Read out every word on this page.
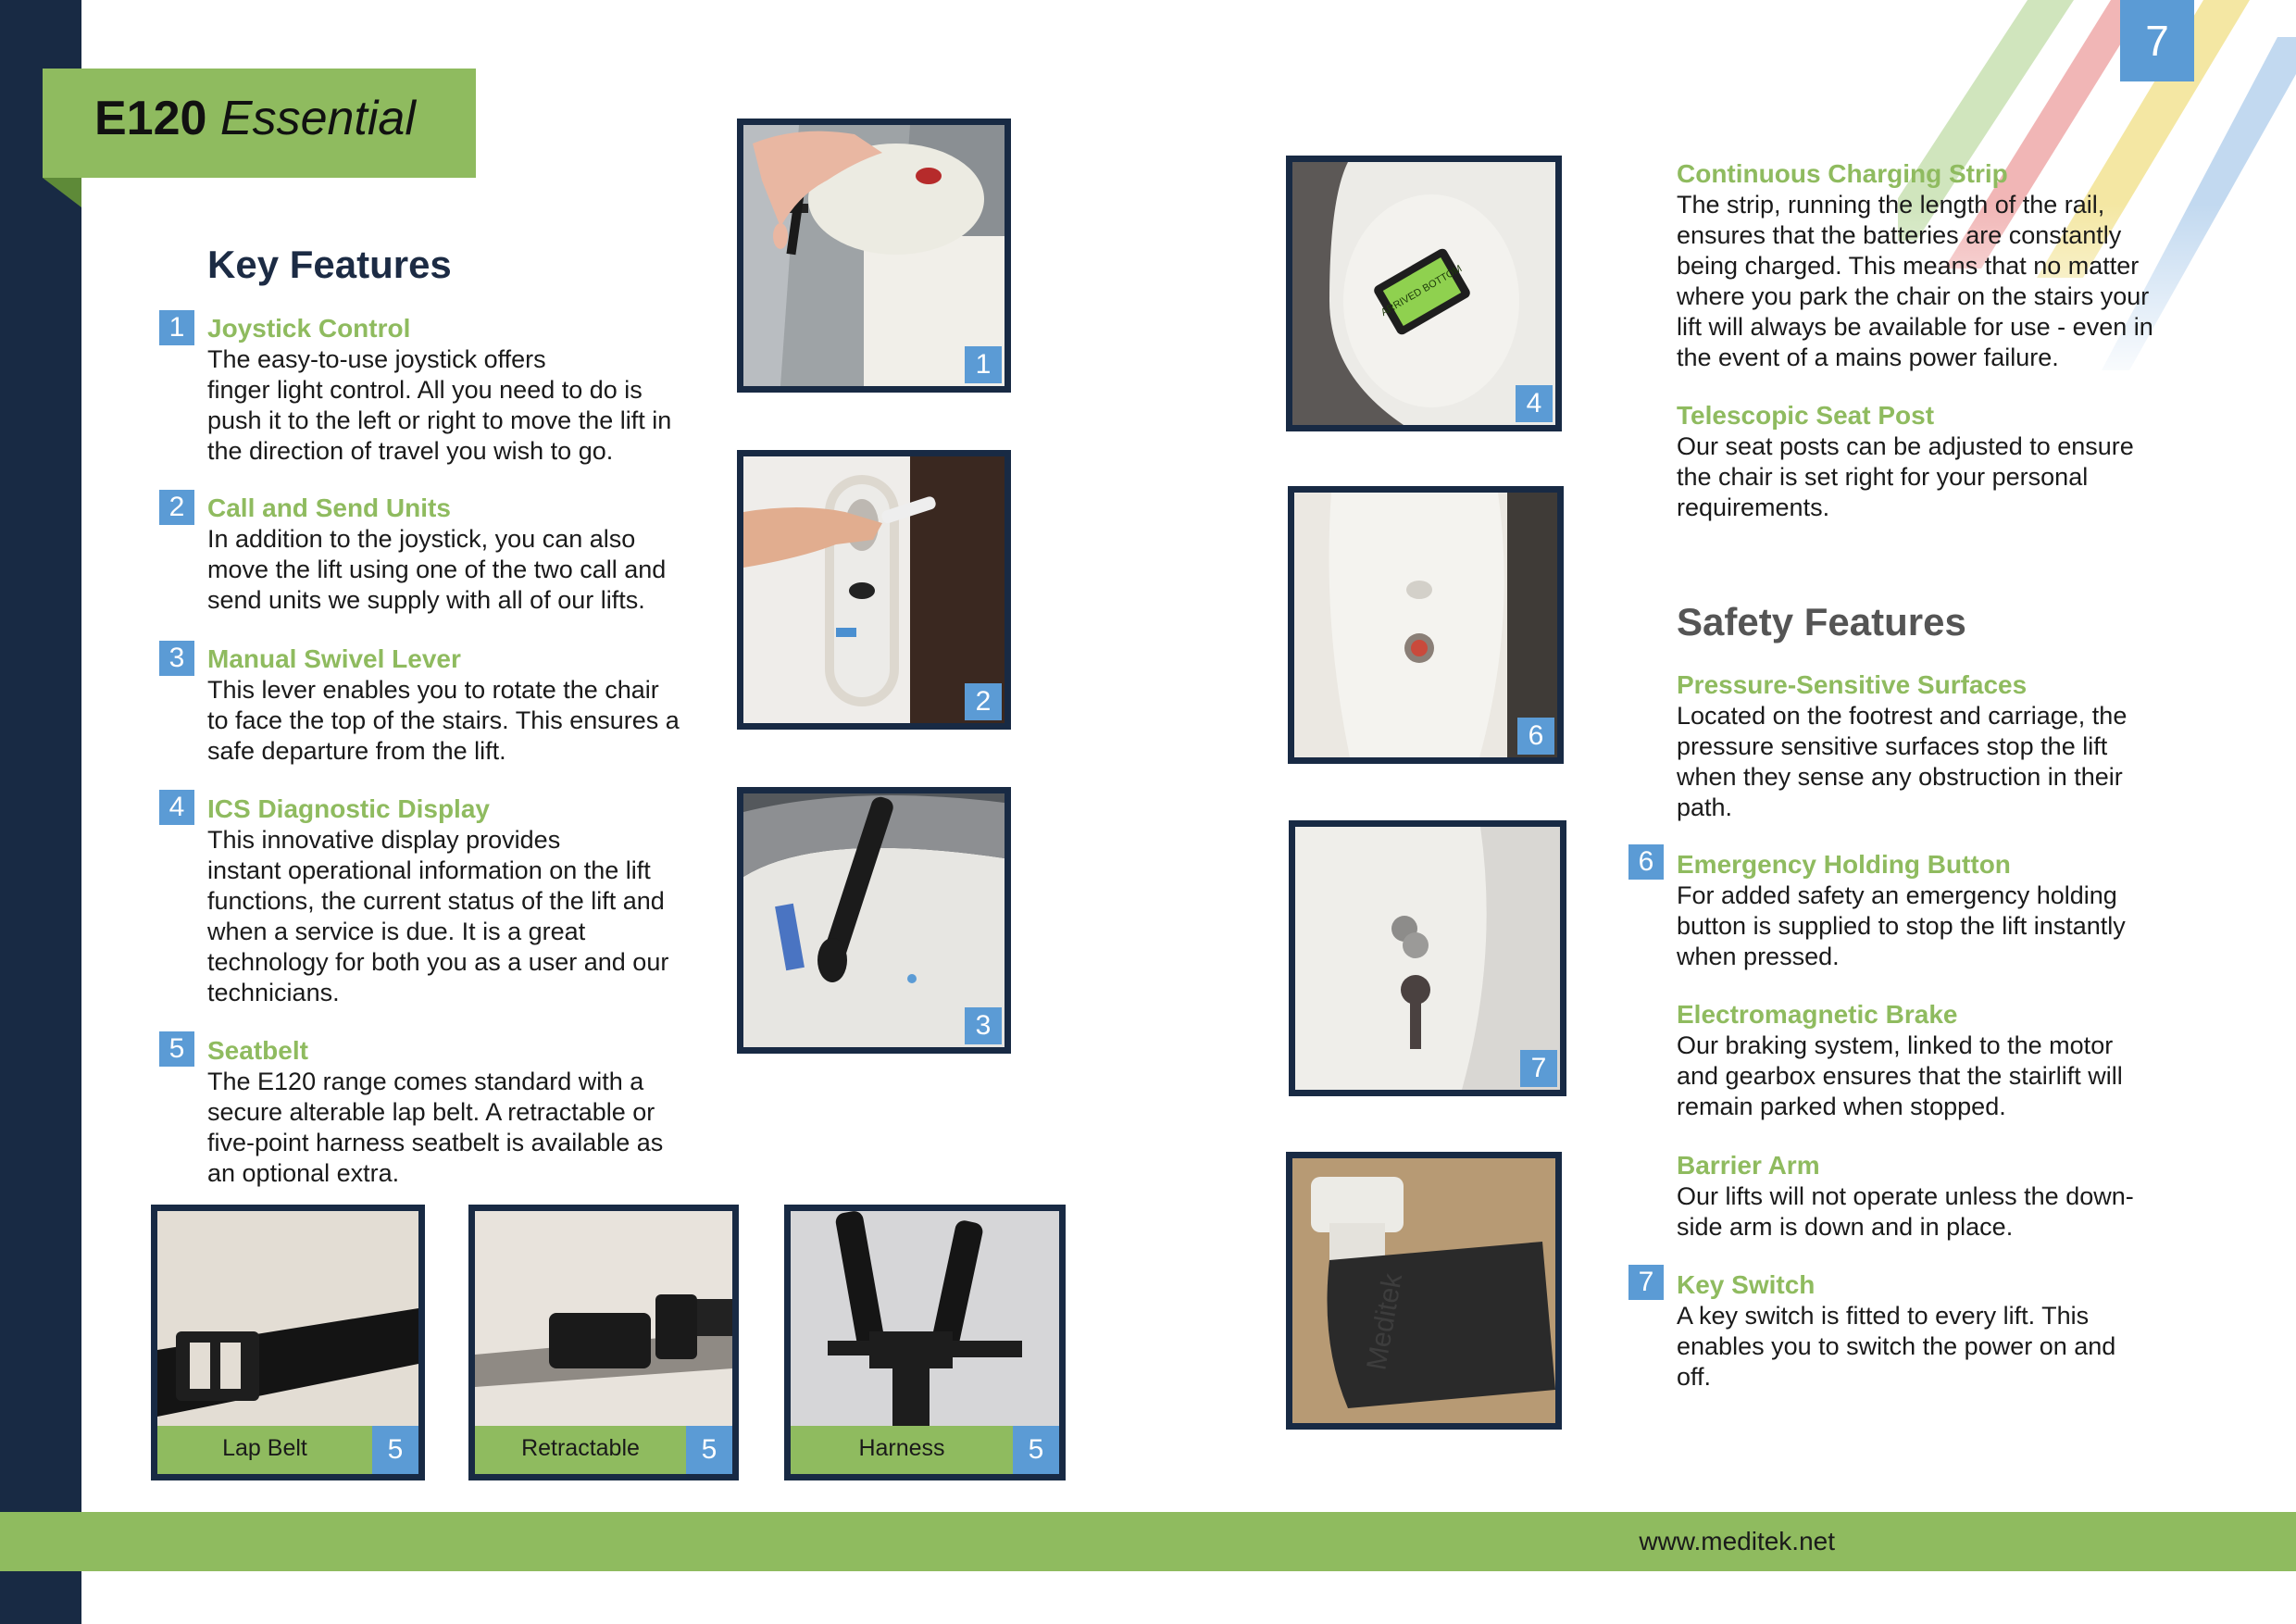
www.meditek.net
7
E120 Essential
Key Features
1 Joystick Control
The easy-to-use joystick offers
finger light control. All you need to do is
push it to the left or right to move the lift in
the direction of travel you wish to go.
2 Call and Send Units
In addition to the joystick, you can also
move the lift using one of the two call and
send units we supply with all of our lifts.
3 Manual Swivel Lever
This lever enables you to rotate the chair
to face the top of the stairs. This ensures a
safe departure from the lift.
4 ICS Diagnostic Display
This innovative display provides
instant operational information on the lift
functions, the current status of the lift and
when a service is due. It is a great
technology for both you as a user and our
technicians.
5 Seatbelt
The E120 range comes standard with a
secure alterable lap belt. A retractable or
five-point harness seatbelt is available as
an optional extra.
1
2
3
Lap Belt	5	Retractable	5	Harness	5
ARRIVED BOTTOM
4
6
7
Meditek
Continuous Charging Strip
The strip, running the length of the rail,
ensures that the batteries are constantly
being charged. This means that no matter
where you park the chair on the stairs your
lift will always be available for use - even in
the event of a mains power failure.
Telescopic Seat Post
Our seat posts can be adjusted to ensure
the chair is set right for your personal
requirements.
Safety Features
Pressure-Sensitive Surfaces
Located on the footrest and carriage, the
pressure sensitive surfaces stop the lift
when they sense any obstruction in their
path.
6 Emergency Holding Button
For added safety an emergency holding
button is supplied to stop the lift instantly
when pressed.
Electromagnetic Brake
Our braking system, linked to the motor
and gearbox ensures that the stairlift will
remain parked when stopped.
Barrier Arm
Our lifts will not operate unless the down-
side arm is down and in place.
7 Key Switch
A key switch is fitted to every lift. This
enables you to switch the power on and
off.
